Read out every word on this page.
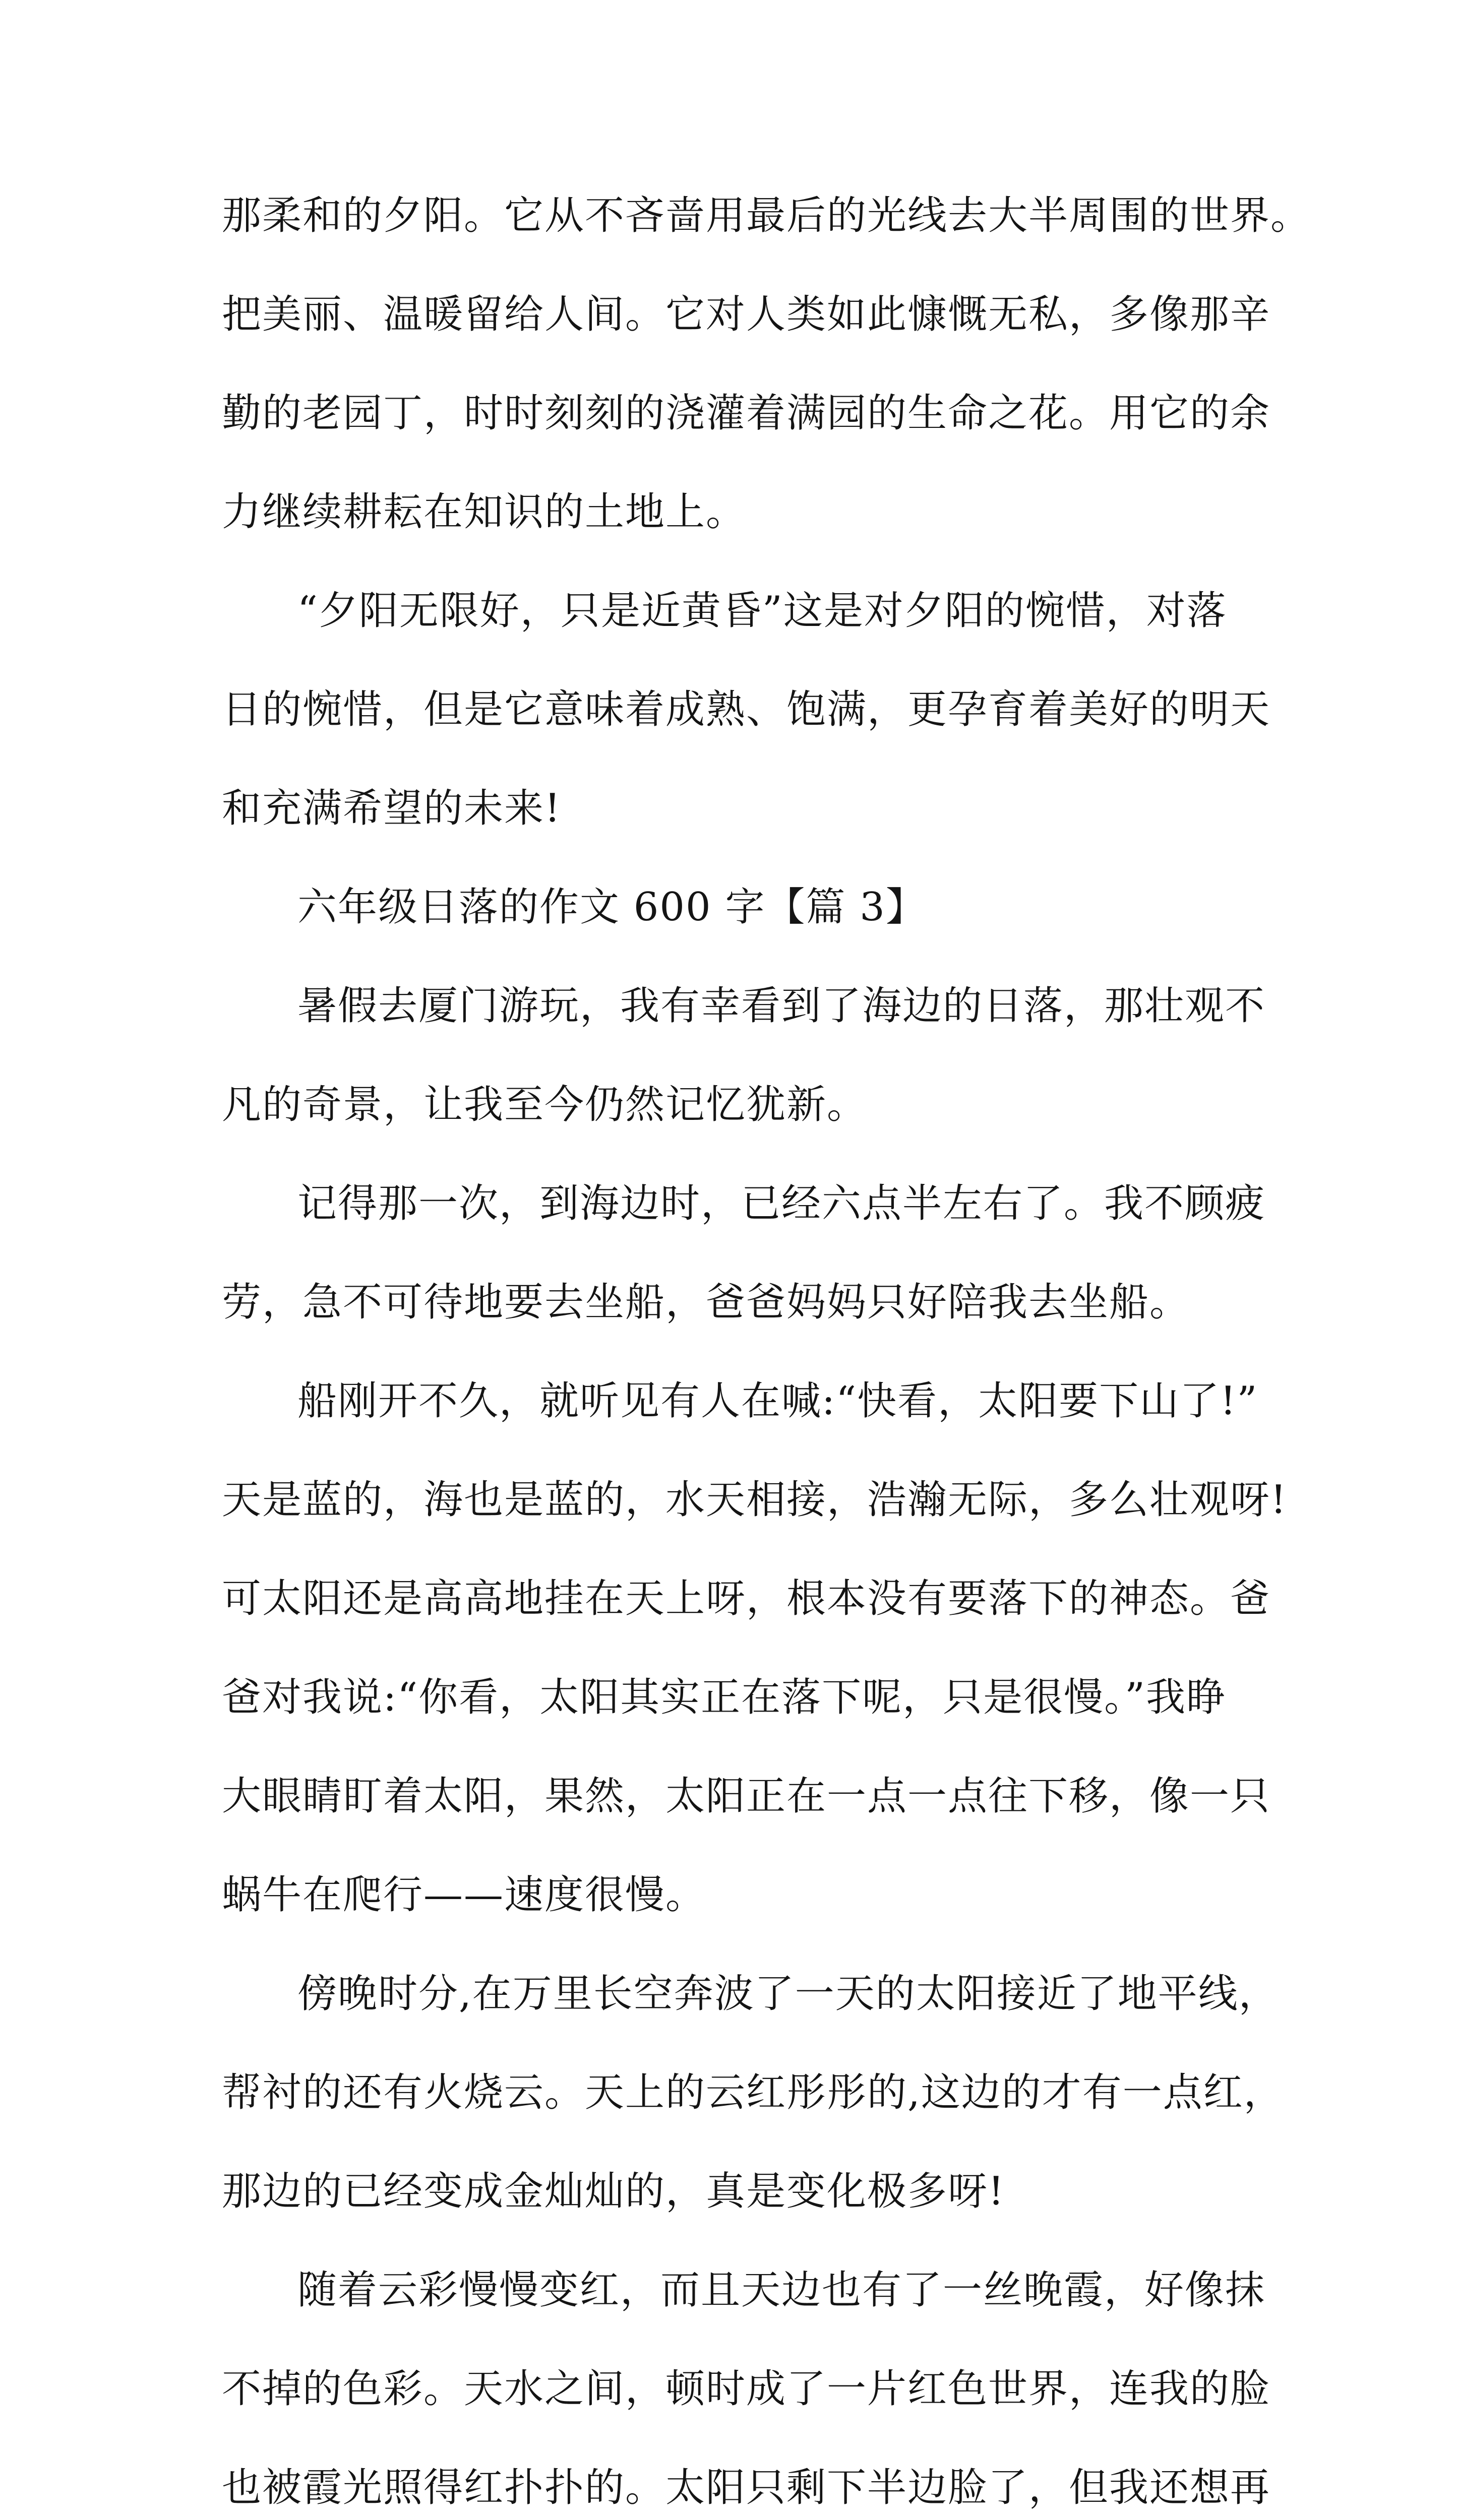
那柔和的夕阳。它从不吝啬用最后的光线去大半周围的世界。
把美丽、温暖留给人间。它对人类如此慷慨无私，多像那辛
勤的老园丁，时时刻刻的浇灌着满园的生命之花。用它的余
力继续耕耘在知识的土地上。
“夕阳无限好，只是近黄昏”这是对夕阳的惋惜，对落
日的惋惜，但是它意味着成熟、饱满，更孕育着美好的明天
和充满希望的未来!
六年级日落的作文 600 字【篇 3】
暑假去厦门游玩，我有幸看到了海边的日落，那壮观不
凡的奇景，让我至今仍然记忆犹新。
记得那一次，到海边时，已经六点半左右了。我不顾疲
劳，急不可待地要去坐船，爸爸妈妈只好陪我去坐船。
船刚开不久，就听见有人在喊:“快看，太阳要下山了!”
天是蓝的，海也是蓝的，水天相接，浩瀚无际，多么壮观呀!
可太阳还是高高地挂在天上呀，根本没有要落下的神态。爸
爸对我说:“你看，太阳其实正在落下呢，只是很慢。”我睁
大眼睛盯着太阳，果然，太阳正在一点一点往下移，像一只
蜗牛在爬行——速度很慢。
傍晚时分,在万里长空奔波了一天的太阳接近了地平线，
帮衬的还有火烧云。天上的云红彤彤的,这边的才有一点红，
那边的已经变成金灿灿的，真是变化极多呀!
随着云彩慢慢变红，而且天边也有了一丝晚霞，好像抹
不掉的色彩。天水之间，顿时成了一片红色世界，连我的脸
也被霞光照得红扑扑的。太阳只剩下半边脸了，但我还想再
